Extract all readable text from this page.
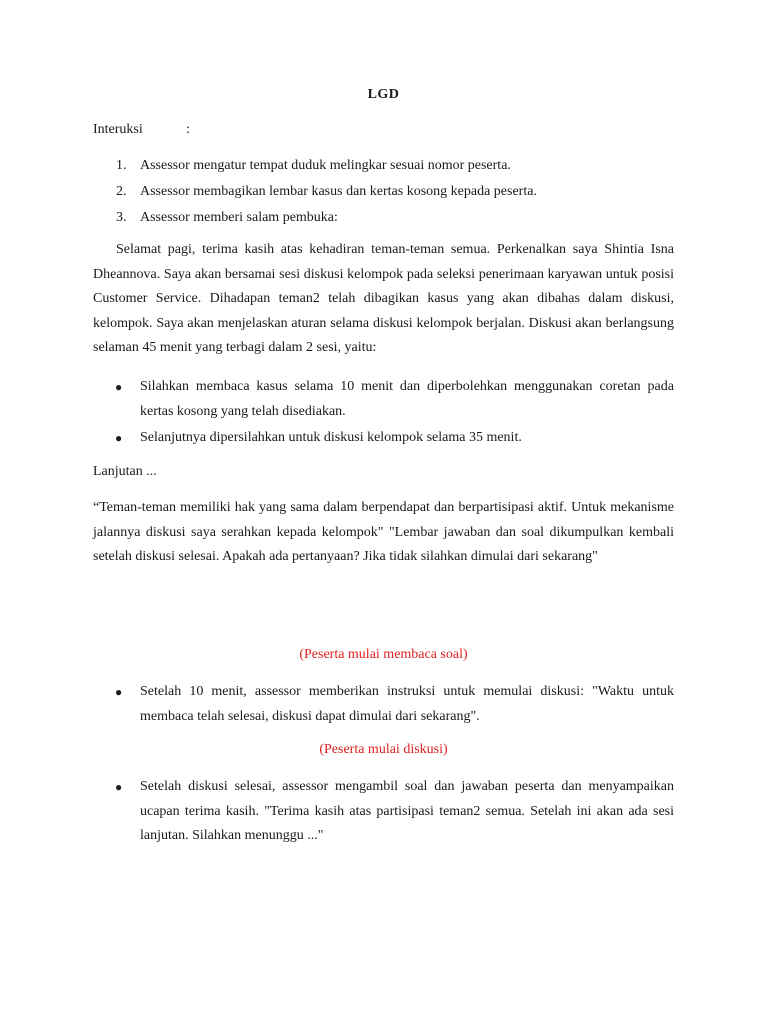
LGD
Interuksi	:
1. Assessor mengatur tempat duduk melingkar sesuai nomor peserta.
2. Assessor membagikan lembar kasus dan kertas kosong kepada peserta.
3. Assessor memberi salam pembuka:

Selamat pagi, terima kasih atas kehadiran teman-teman semua. Perkenalkan saya Shintia Isna Dheannova. Saya akan bersamai sesi diskusi kelompok pada seleksi penerimaan karyawan untuk posisi Customer Service. Dihadapan teman2 telah dibagikan kasus yang akan dibahas dalam diskusi, kelompok. Saya akan menjelaskan aturan selama diskusi kelompok berjalan. Diskusi akan berlangsung selaman 45 menit yang terbagi dalam 2 sesi, yaitu:

● Silahkan membaca kasus selama 10 menit dan diperbolehkan menggunakan coretan pada kertas kosong yang telah disediakan.
● Selanjutnya dipersilahkan untuk diskusi kelompok selama 35 menit.
Lanjutan ...

“Teman-teman memiliki hak yang sama dalam berpendapat dan berpartisipasi aktif. Untuk mekanisme jalannya diskusi saya serahkan kepada kelompok" "Lembar jawaban dan soal dikumpulkan kembali setelah diskusi selesai. Apakah ada pertanyaan? Jika tidak silahkan dimulai dari sekarang"

(Peserta mulai membaca soal)
● Setelah 10 menit, assessor memberikan instruksi untuk memulai diskusi: "Waktu untuk membaca telah selesai, diskusi dapat dimulai dari sekarang".
(Peserta mulai diskusi)
● Setelah diskusi selesai, assessor mengambil soal dan jawaban peserta dan menyampaikan ucapan terima kasih. "Terima kasih atas partisipasi teman2 semua. Setelah ini akan ada sesi lanjutan. Silahkan menunggu ..."
